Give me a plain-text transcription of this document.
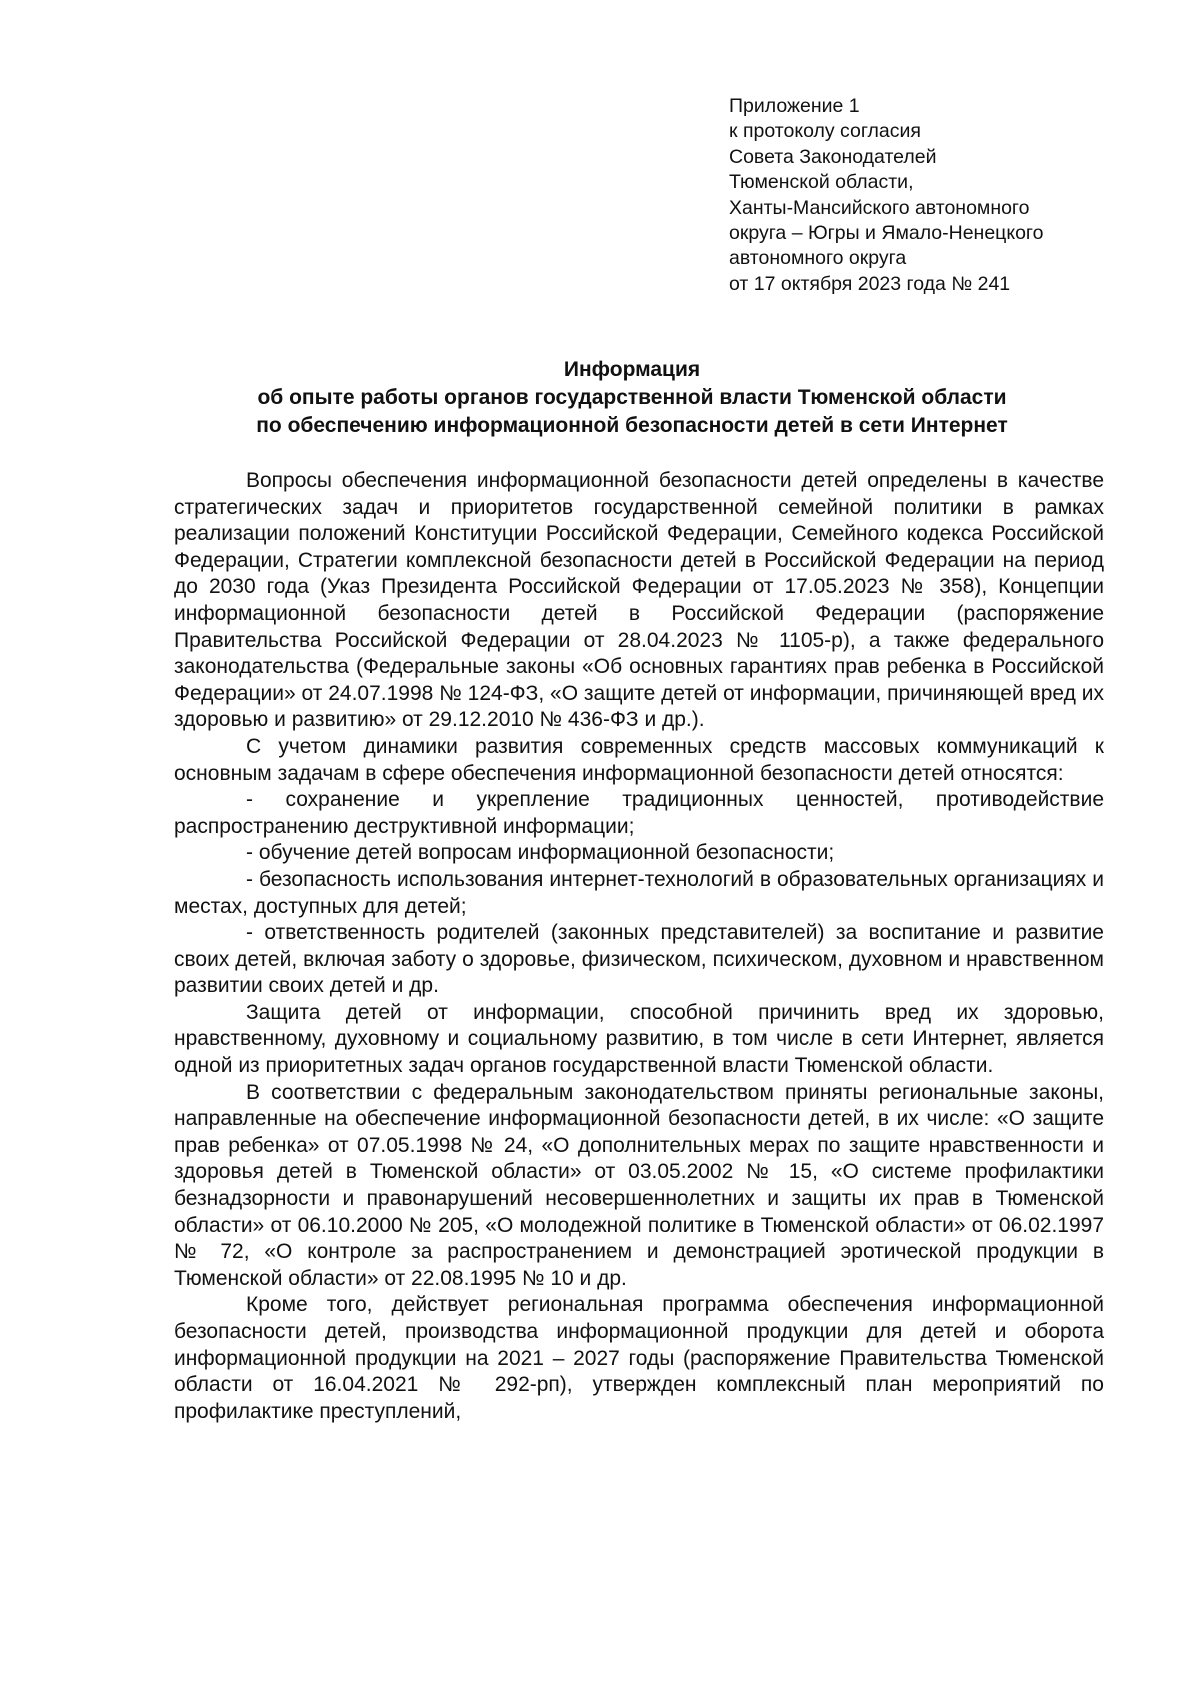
Приложение 1
к протоколу согласия
Совета Законодателей
Тюменской области,
Ханты-Мансийского автономного
округа – Югры и Ямало-Ненецкого
автономного округа
от 17 октября 2023 года № 241
Информация
об опыте работы органов государственной власти Тюменской области
по обеспечению информационной безопасности детей в сети Интернет

Вопросы обеспечения информационной безопасности детей определены в качестве стратегических задач и приоритетов государственной семейной политики в рамках реализации положений Конституции Российской Федерации, Семейного кодекса Российской Федерации, Стратегии комплексной безопасности детей в Российской Федерации на период до 2030 года (Указ Президента Российской Федерации от 17.05.2023 № 358), Концепции информационной безопасности детей в Российской Федерации (распоряжение Правительства Российской Федерации от 28.04.2023 № 1105-р), а также федерального законодательства (Федеральные законы «Об основных гарантиях прав ребенка в Российской Федерации» от 24.07.1998 № 124-ФЗ, «О защите детей от информации, причиняющей вред их здоровью и развитию» от 29.12.2010 № 436-ФЗ и др.).

С учетом динамики развития современных средств массовых коммуникаций к основным задачам в сфере обеспечения информационной безопасности детей относятся:

- сохранение и укрепление традиционных ценностей, противодействие распространению деструктивной информации;

- обучение детей вопросам информационной безопасности;

- безопасность использования интернет-технологий в образовательных организациях и местах, доступных для детей;

- ответственность родителей (законных представителей) за воспитание и развитие своих детей, включая заботу о здоровье, физическом, психическом, духовном и нравственном развитии своих детей и др.

Защита детей от информации, способной причинить вред их здоровью, нравственному, духовному и социальному развитию, в том числе в сети Интернет, является одной из приоритетных задач органов государственной власти Тюменской области.

В соответствии с федеральным законодательством приняты региональные законы, направленные на обеспечение информационной безопасности детей, в их числе: «О защите прав ребенка» от 07.05.1998 № 24, «О дополнительных мерах по защите нравственности и здоровья детей в Тюменской области» от 03.05.2002 № 15, «О системе профилактики безнадзорности и правонарушений несовершеннолетних и защиты их прав в Тюменской области» от 06.10.2000 № 205, «О молодежной политике в Тюменской области» от 06.02.1997 № 72, «О контроле за распространением и демонстрацией эротической продукции в Тюменской области» от 22.08.1995 № 10 и др.

Кроме того, действует региональная программа обеспечения информационной безопасности детей, производства информационной продукции для детей и оборота информационной продукции на 2021 – 2027 годы (распоряжение Правительства Тюменской области от 16.04.2021 № 292-рп), утвержден комплексный план мероприятий по профилактике преступлений,
